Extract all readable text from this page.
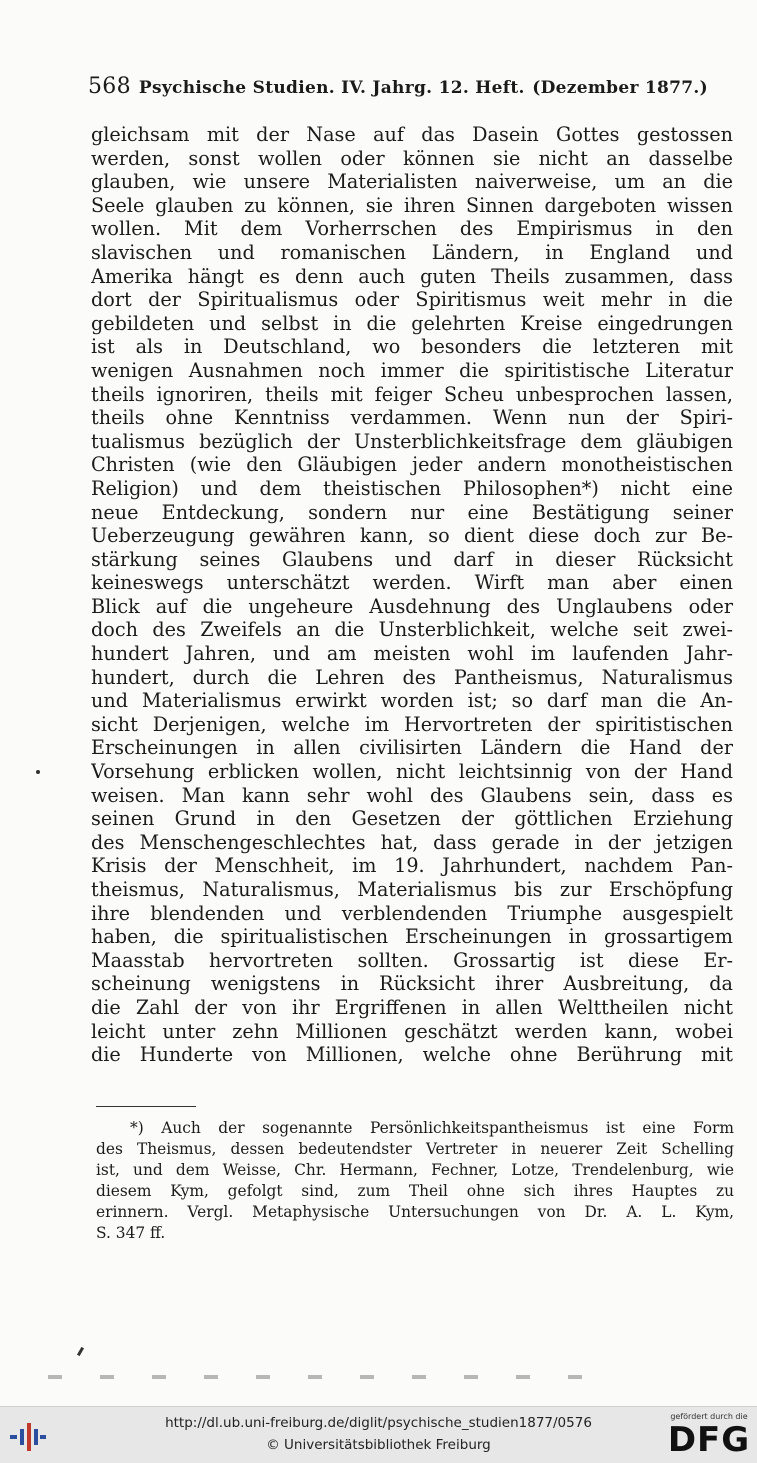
568 Psychische Studien. IV. Jahrg. 12. Heft. (Dezember 1877.)
gleichsam mit der Nase auf das Dasein Gottes gestossen
werden, sonst wollen oder können sie nicht an dasselbe
glauben, wie unsere Materialisten naiverweise, um an die
Seele glauben zu können, sie ihren Sinnen dargeboten wissen
wollen. Mit dem Vorherrschen des Empirismus in den
slavischen und romanischen Ländern, in England und
Amerika hängt es denn auch guten Theils zusammen, dass
dort der Spiritualismus oder Spiritismus weit mehr in die
gebildeten und selbst in die gelehrten Kreise eingedrungen
ist als in Deutschland, wo besonders die letzteren mit
wenigen Ausnahmen noch immer die spiritistische Literatur
theils ignoriren, theils mit feiger Scheu unbesprochen lassen,
theils ohne Kenntniss verdammen. Wenn nun der Spiri-
tualismus bezüglich der Unsterblichkeitsfrage dem gläubigen
Christen (wie den Gläubigen jeder andern monotheistischen
Religion) und dem theistischen Philosophen*) nicht eine
neue Entdeckung, sondern nur eine Bestätigung seiner
Ueberzeugung gewähren kann, so dient diese doch zur Be-
stärkung seines Glaubens und darf in dieser Rücksicht
keineswegs unterschätzt werden. Wirft man aber einen
Blick auf die ungeheure Ausdehnung des Unglaubens oder
doch des Zweifels an die Unsterblichkeit, welche seit zwei-
hundert Jahren, und am meisten wohl im laufenden Jahr-
hundert, durch die Lehren des Pantheismus, Naturalismus
und Materialismus erwirkt worden ist; so darf man die An-
sicht Derjenigen, welche im Hervortreten der spiritistischen
Erscheinungen in allen civilisirten Ländern die Hand der
Vorsehung erblicken wollen, nicht leichtsinnig von der Hand
weisen. Man kann sehr wohl des Glaubens sein, dass es
seinen Grund in den Gesetzen der göttlichen Erziehung
des Menschengeschlechtes hat, dass gerade in der jetzigen
Krisis der Menschheit, im 19. Jahrhundert, nachdem Pan-
theismus, Naturalismus, Materialismus bis zur Erschöpfung
ihre blendenden und verblendenden Triumphe ausgespielt
haben, die spiritualistischen Erscheinungen in grossartigem
Maasstab hervortreten sollten. Grossartig ist diese Er-
scheinung wenigstens in Rücksicht ihrer Ausbreitung, da
die Zahl der von ihr Ergriffenen in allen Welttheilen nicht
leicht unter zehn Millionen geschätzt werden kann, wobei
die Hunderte von Millionen, welche ohne Berührung mit
*) Auch der sogenannte Persönlichkeitspantheismus ist eine Form
des Theismus, dessen bedeutendster Vertreter in neuerer Zeit Schelling
ist, und dem Weisse, Chr. Hermann, Fechner, Lotze, Trendelenburg, wie
diesem Kym, gefolgt sind, zum Theil ohne sich ihres Hauptes zu
erinnern. Vergl. Metaphysische Untersuchungen von Dr. A. L. Kym,
S. 347 ff.
http://dl.ub.uni-freiburg.de/diglit/psychische_studien1877/0576
© Universitätsbibliothek Freiburg
gefördert durch die
DFG
